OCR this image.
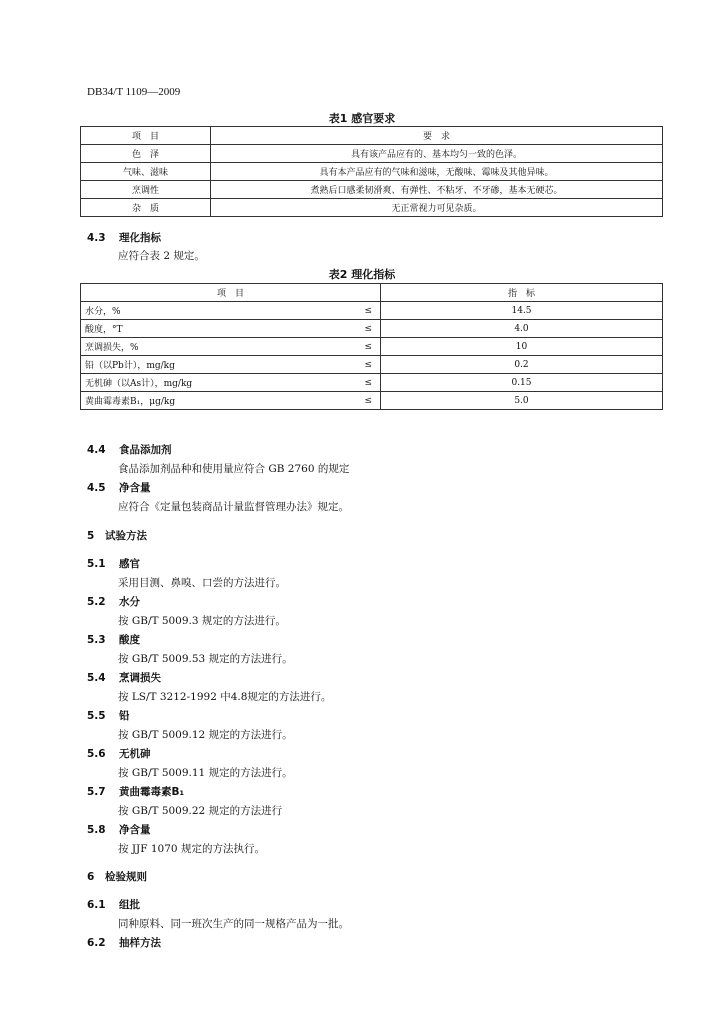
DB34/T 1109—2009
表1 感官要求
项　目	要　求
色　泽	具有该产品应有的、基本均匀一致的色泽。
气味、滋味	具有本产品应有的气味和滋味，无酸味、霉味及其他异味。
烹调性	煮熟后口感柔韧滑爽、有弹性、不粘牙、不牙碜，基本无硬芯。
杂　质	无正常视力可见杂质。
4.3 理化指标
应符合表 2 规定。
表2 理化指标
项　目		指　标
水分，%	≤	14.5
酸度，°T	≤	4.0
烹调损失，%	≤	10
铅（以Pb计），mg/kg	≤	0.2
无机砷（以As计），mg/kg	≤	0.15
黄曲霉毒素B₁，μg/kg	≤	5.0
4.4 食品添加剂
食品添加剂品种和使用量应符合 GB 2760 的规定
4.5 净含量
应符合《定量包装商品计量监督管理办法》规定。
5 试验方法
5.1 感官
采用目测、鼻嗅、口尝的方法进行。
5.2 水分
按 GB/T 5009.3 规定的方法进行。
5.3 酸度
按 GB/T 5009.53 规定的方法进行。
5.4 烹调损失
按 LS/T 3212-1992 中4.8规定的方法进行。
5.5 铅
按 GB/T 5009.12 规定的方法进行。
5.6 无机砷
按 GB/T 5009.11 规定的方法进行。
5.7 黄曲霉毒素B₁
按 GB/T 5009.22 规定的方法进行
5.8 净含量
按 JJF 1070 规定的方法执行。
6 检验规则
6.1 组批
同种原料、同一班次生产的同一规格产品为一批。
6.2 抽样方法
